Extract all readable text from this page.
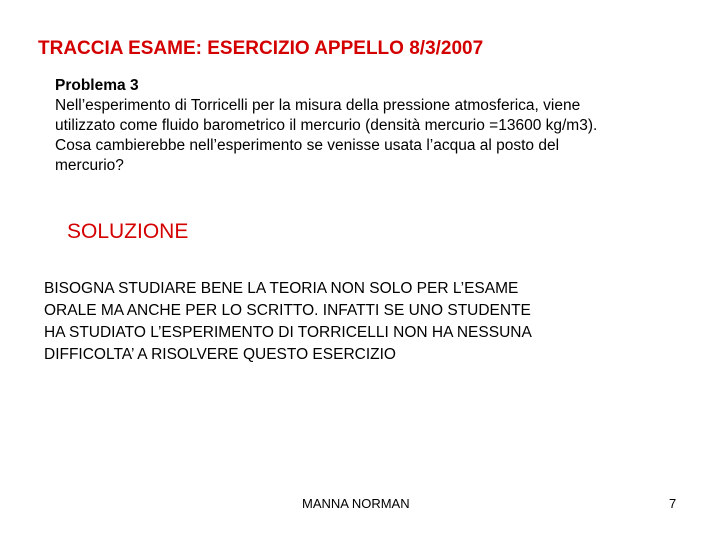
TRACCIA ESAME: ESERCIZIO APPELLO 8/3/2007
Problema 3
Nell’esperimento di Torricelli per la misura della pressione atmosferica, viene
utilizzato come fluido barometrico il mercurio (densità mercurio =13600 kg/m3).
Cosa cambierebbe nell’esperimento se venisse usata l’acqua al posto del
mercurio?
SOLUZIONE
BISOGNA STUDIARE BENE LA TEORIA NON SOLO PER L’ESAME
ORALE MA ANCHE PER LO SCRITTO. INFATTI SE UNO STUDENTE
HA STUDIATO L’ESPERIMENTO DI TORRICELLI NON HA NESSUNA
DIFFICOLTA’ A RISOLVERE QUESTO ESERCIZIO
MANNA NORMAN	7
